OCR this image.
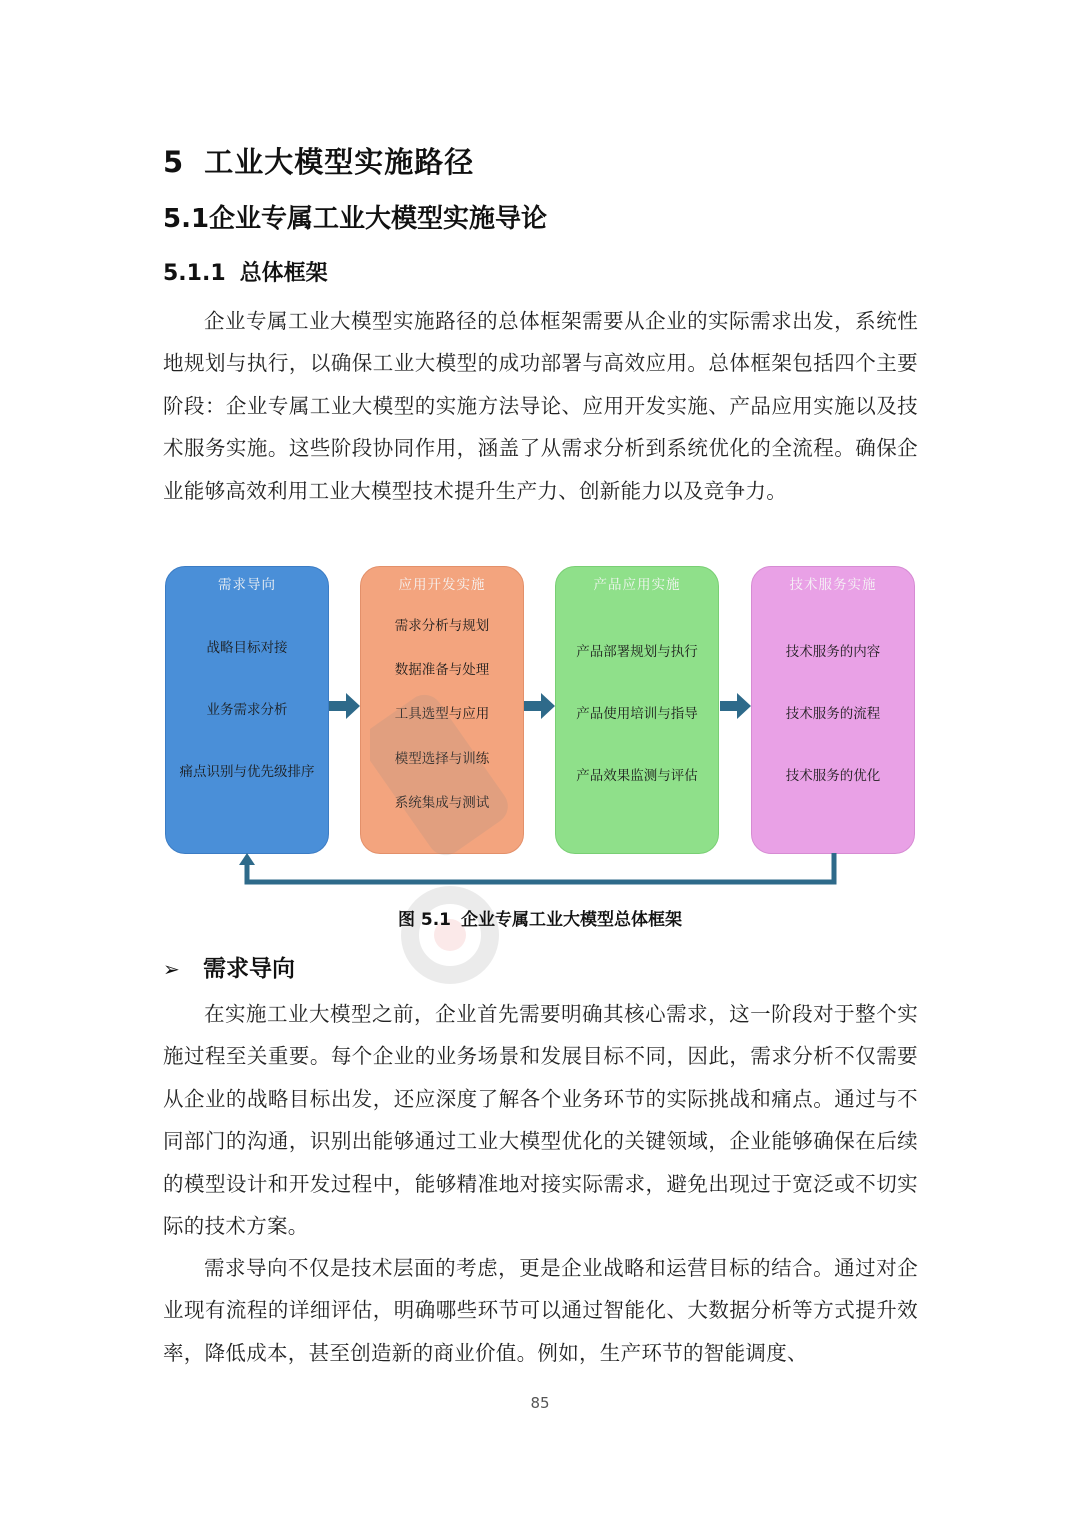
5 工业大模型实施路径
5.1企业专属工业大模型实施导论
5.1.1 总体框架

企业专属工业大模型实施路径的总体框架需要从企业的实际需求出发，系统性地规划与执行，以确保工业大模型的成功部署与高效应用。总体框架包括四个主要阶段：企业专属工业大模型的实施方法导论、应用开发实施、产品应用实施以及技术服务实施。这些阶段协同作用，涵盖了从需求分析到系统优化的全流程。确保企业能够高效利用工业大模型技术提升生产力、创新能力以及竞争力。

需求导向
战略目标对接
业务需求分析
痛点识别与优先级排序
应用开发实施
需求分析与规划
数据准备与处理
工具选型与应用
模型选择与训练
系统集成与测试
产品应用实施
产品部署规划与执行
产品使用培训与指导
产品效果监测与评估
技术服务实施
技术服务的内容
技术服务的流程
技术服务的优化
图 5.1 企业专属工业大模型总体框架
➢ 需求导向

在实施工业大模型之前，企业首先需要明确其核心需求，这一阶段对于整个实施过程至关重要。每个企业的业务场景和发展目标不同，因此，需求分析不仅需要从企业的战略目标出发，还应深度了解各个业务环节的实际挑战和痛点。通过与不同部门的沟通，识别出能够通过工业大模型优化的关键领域，企业能够确保在后续的模型设计和开发过程中，能够精准地对接实际需求，避免出现过于宽泛或不切实际的技术方案。

需求导向不仅是技术层面的考虑，更是企业战略和运营目标的结合。通过对企业现有流程的详细评估，明确哪些环节可以通过智能化、大数据分析等方式提升效率，降低成本，甚至创造新的商业价值。例如，生产环节的智能调度、

85
